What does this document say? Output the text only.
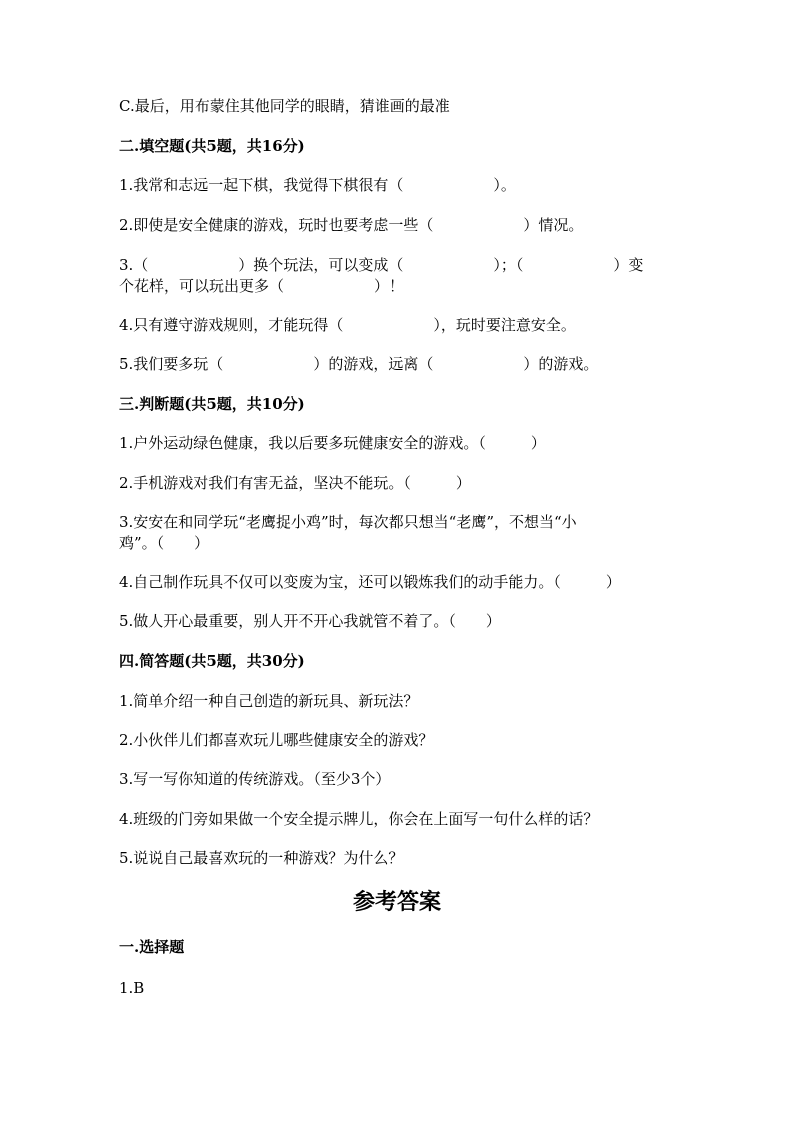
C.最后，用布蒙住其他同学的眼睛，猜谁画的最准
二.填空题(共5题，共16分)
1.我常和志远一起下棋，我觉得下棋很有（　　　　　　）。
2.即使是安全健康的游戏，玩时也要考虑一些（　　　　　　）情况。
3.（　　　　　　）换个玩法，可以变成（　　　　　　）；（　　　　　　）变
个花样，可以玩出更多（　　　　　　）！
4.只有遵守游戏规则，才能玩得（　　　　　　），玩时要注意安全。
5.我们要多玩（　　　　　　）的游戏，远离（　　　　　　）的游戏。
三.判断题(共5题，共10分)
1.户外运动绿色健康，我以后要多玩健康安全的游戏。（　　　）
2.手机游戏对我们有害无益，坚决不能玩。（　　　）
3.安安在和同学玩“老鹰捉小鸡”时，每次都只想当“老鹰”，不想当“小
鸡”。（　　）
4.自己制作玩具不仅可以变废为宝，还可以锻炼我们的动手能力。（　　　）
5.做人开心最重要，别人开不开心我就管不着了。（　　）
四.简答题(共5题，共30分)
1.简单介绍一种自己创造的新玩具、新玩法？
2.小伙伴儿们都喜欢玩儿哪些健康安全的游戏？
3.写一写你知道的传统游戏。（至少3个）
4.班级的门旁如果做一个安全提示牌儿，你会在上面写一句什么样的话？
5.说说自己最喜欢玩的一种游戏？为什么？
参考答案
一.选择题
1.B
